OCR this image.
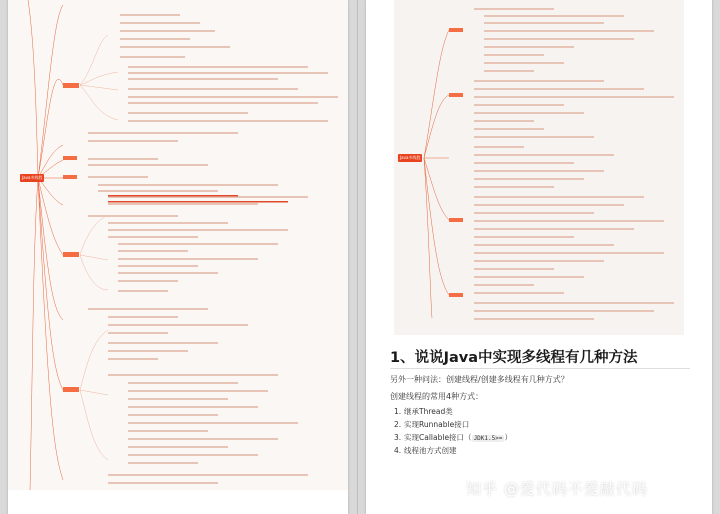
Java多线程
Java多线程
1、说说Java中实现多线程有几种方法
另外一种问法：创建线程/创建多线程有几种方式？
创建线程的常用4种方式：
1. 继承Thread类
2. 实现Runnable接口
3. 实现Callable接口（ JDK1.5>= ）
4. 线程池方式创建
知乎 @爱代码不爱敲代码
